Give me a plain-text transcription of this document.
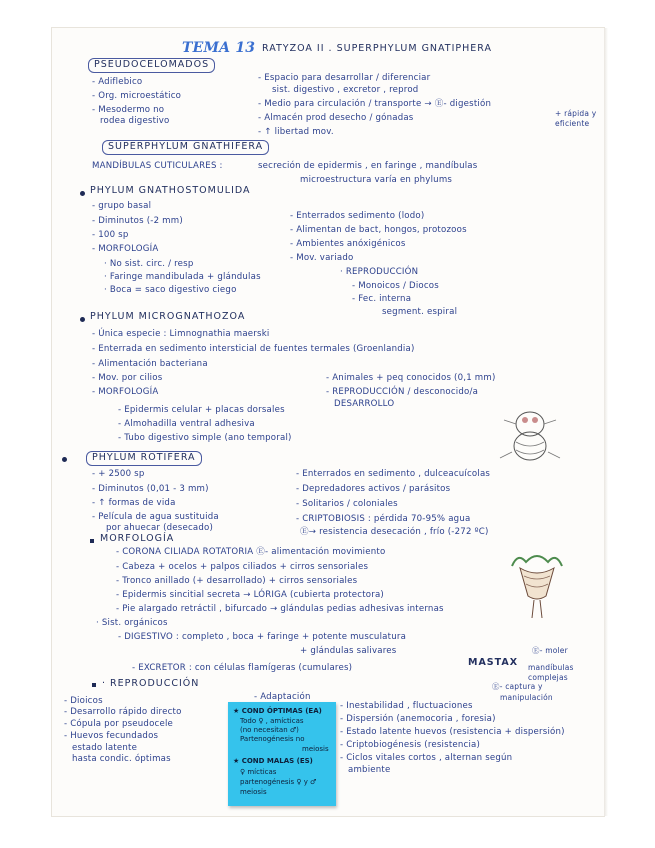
TEMA 13 RATYZOA II . SUPERPHYLUM GNATIPHERA
PSEUDOCELOMADOS
- Adiflebico
- Org. microestático
- Mesodermo no
rodea digestivo
- Espacio para desarrollar / diferenciar
sist. digestivo , excretor , reprod
- Medio para circulación / transporte → Ⓔ- digestión
- Almacén prod desecho / gónadas
- ↑ libertad mov.
+ rápida y
eficiente
SUPERPHYLUM GNATHIFERA
MANDÍBULAS CUTICULARES :	secreción de epidermis , en faringe , mandíbulas
microestructura varía en phylums
PHYLUM GNATHOSTOMULIDA
- grupo basal
- Diminutos (-2 mm)
- 100 sp
- MORFOLOGÍA
· No sist. circ. / resp
· Faringe mandibulada + glándulas
· Boca = saco digestivo ciego
- Enterrados sedimento (lodo)
- Alimentan de bact, hongos, protozoos
- Ambientes anóxigénicos
- Mov. variado
· REPRODUCCIÓN
- Monoicos / Diocos
- Fec. interna
segment. espiral
PHYLUM MICROGNATHOZOA
- Única especie : Limnognathia maerski
- Enterrada en sedimento intersticial de fuentes termales (Groenlandia)
- Alimentación bacteriana
- Mov. por cilios
- MORFOLOGÍA
- Animales + peq conocidos (0,1 mm)
- REPRODUCCIÓN / desconocido/a
DESARROLLO
- Epidermis celular + placas dorsales
- Almohadilla ventral adhesiva
- Tubo digestivo simple (ano temporal)
PHYLUM ROTIFERA
- + 2500 sp
- Diminutos (0,01 - 3 mm)
- ↑ formas de vida
- Película de agua sustituida
por ahuecar (desecado)
MORFOLOGÍA
- Enterrados en sedimento , dulceacuícolas
- Depredadores activos / parásitos
- Solitarios / coloniales
- CRIPTOBIOSIS : pérdida 70-95% agua
Ⓔ→ resistencia desecación , frío (-272 ºC)
- CORONA CILIADA ROTATORIA Ⓔ- alimentación movimiento
- Cabeza + ocelos + palpos ciliados + cirros sensoriales
- Tronco anillado (+ desarrollado) + cirros sensoriales
- Epidermis sincitial secreta → LÓRIGA (cubierta protectora)
- Pie alargado retráctil , bifurcado → glándulas pedias adhesivas internas
· Sist. orgánicos
- DIGESTIVO : completo , boca + faringe + potente musculatura
+ glándulas salivares
MASTAX
Ⓔ- moler
mandíbulas
complejas
- EXCRETOR : con células flamígeras (cumulares)
· REPRODUCCIÓN	Ⓔ- captura y
manipulación
- Dioicos
- Desarrollo rápido directo
- Cópula por pseudocele
- Huevos fecundados
estado latente
hasta condic. óptimas
- Adaptación
- Inestabilidad , fluctuaciones
- Dispersión (anemocoria , foresia)
- Estado latente huevos (resistencia + dispersión)
- Criptobiogénesis (resistencia)
- Ciclos vitales cortos , alternan según
ambiente
★ COND ÓPTIMAS (EA)
Todo ♀ , amícticas
(no necesitan ♂)
Partenogénesis no
meiosis
★ COND MALAS (ES)
♀ mícticas
partenogénesis ♀ y ♂
meiosis
